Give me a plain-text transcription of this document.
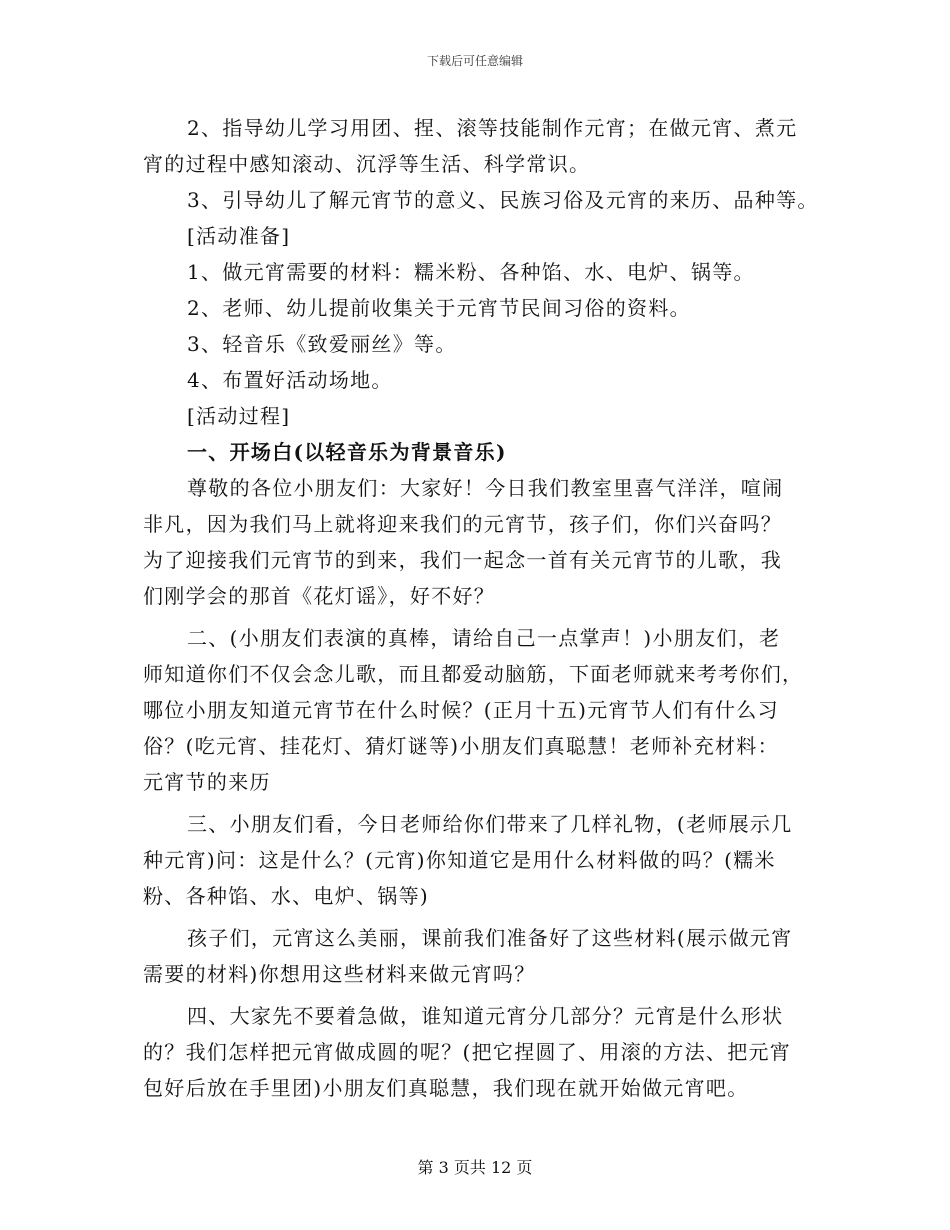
下载后可任意编辑
2、指导幼儿学习用团、捏、滚等技能制作元宵；在做元宵、煮元
宵的过程中感知滚动、沉浮等生活、科学常识。
3、引导幼儿了解元宵节的意义、民族习俗及元宵的来历、品种等。
[活动准备]
1、做元宵需要的材料：糯米粉、各种馅、水、电炉、锅等。
2、老师、幼儿提前收集关于元宵节民间习俗的资料。
3、轻音乐《致爱丽丝》等。
4、布置好活动场地。
[活动过程]
一、开场白(以轻音乐为背景音乐)
尊敬的各位小朋友们：大家好！今日我们教室里喜气洋洋，喧闹
非凡，因为我们马上就将迎来我们的元宵节，孩子们，你们兴奋吗？
为了迎接我们元宵节的到来，我们一起念一首有关元宵节的儿歌，我
们刚学会的那首《花灯谣》，好不好？
二、(小朋友们表演的真棒，请给自己一点掌声！)小朋友们，老
师知道你们不仅会念儿歌，而且都爱动脑筋，下面老师就来考考你们，
哪位小朋友知道元宵节在什么时候？(正月十五)元宵节人们有什么习
俗？(吃元宵、挂花灯、猜灯谜等)小朋友们真聪慧！老师补充材料：
元宵节的来历
三、小朋友们看，今日老师给你们带来了几样礼物，(老师展示几
种元宵)问：这是什么？(元宵)你知道它是用什么材料做的吗？(糯米
粉、各种馅、水、电炉、锅等)
孩子们，元宵这么美丽，课前我们准备好了这些材料(展示做元宵
需要的材料)你想用这些材料来做元宵吗？
四、大家先不要着急做，谁知道元宵分几部分？元宵是什么形状
的？我们怎样把元宵做成圆的呢？(把它捏圆了、用滚的方法、把元宵
包好后放在手里团)小朋友们真聪慧，我们现在就开始做元宵吧。
第 3 页共 12 页
